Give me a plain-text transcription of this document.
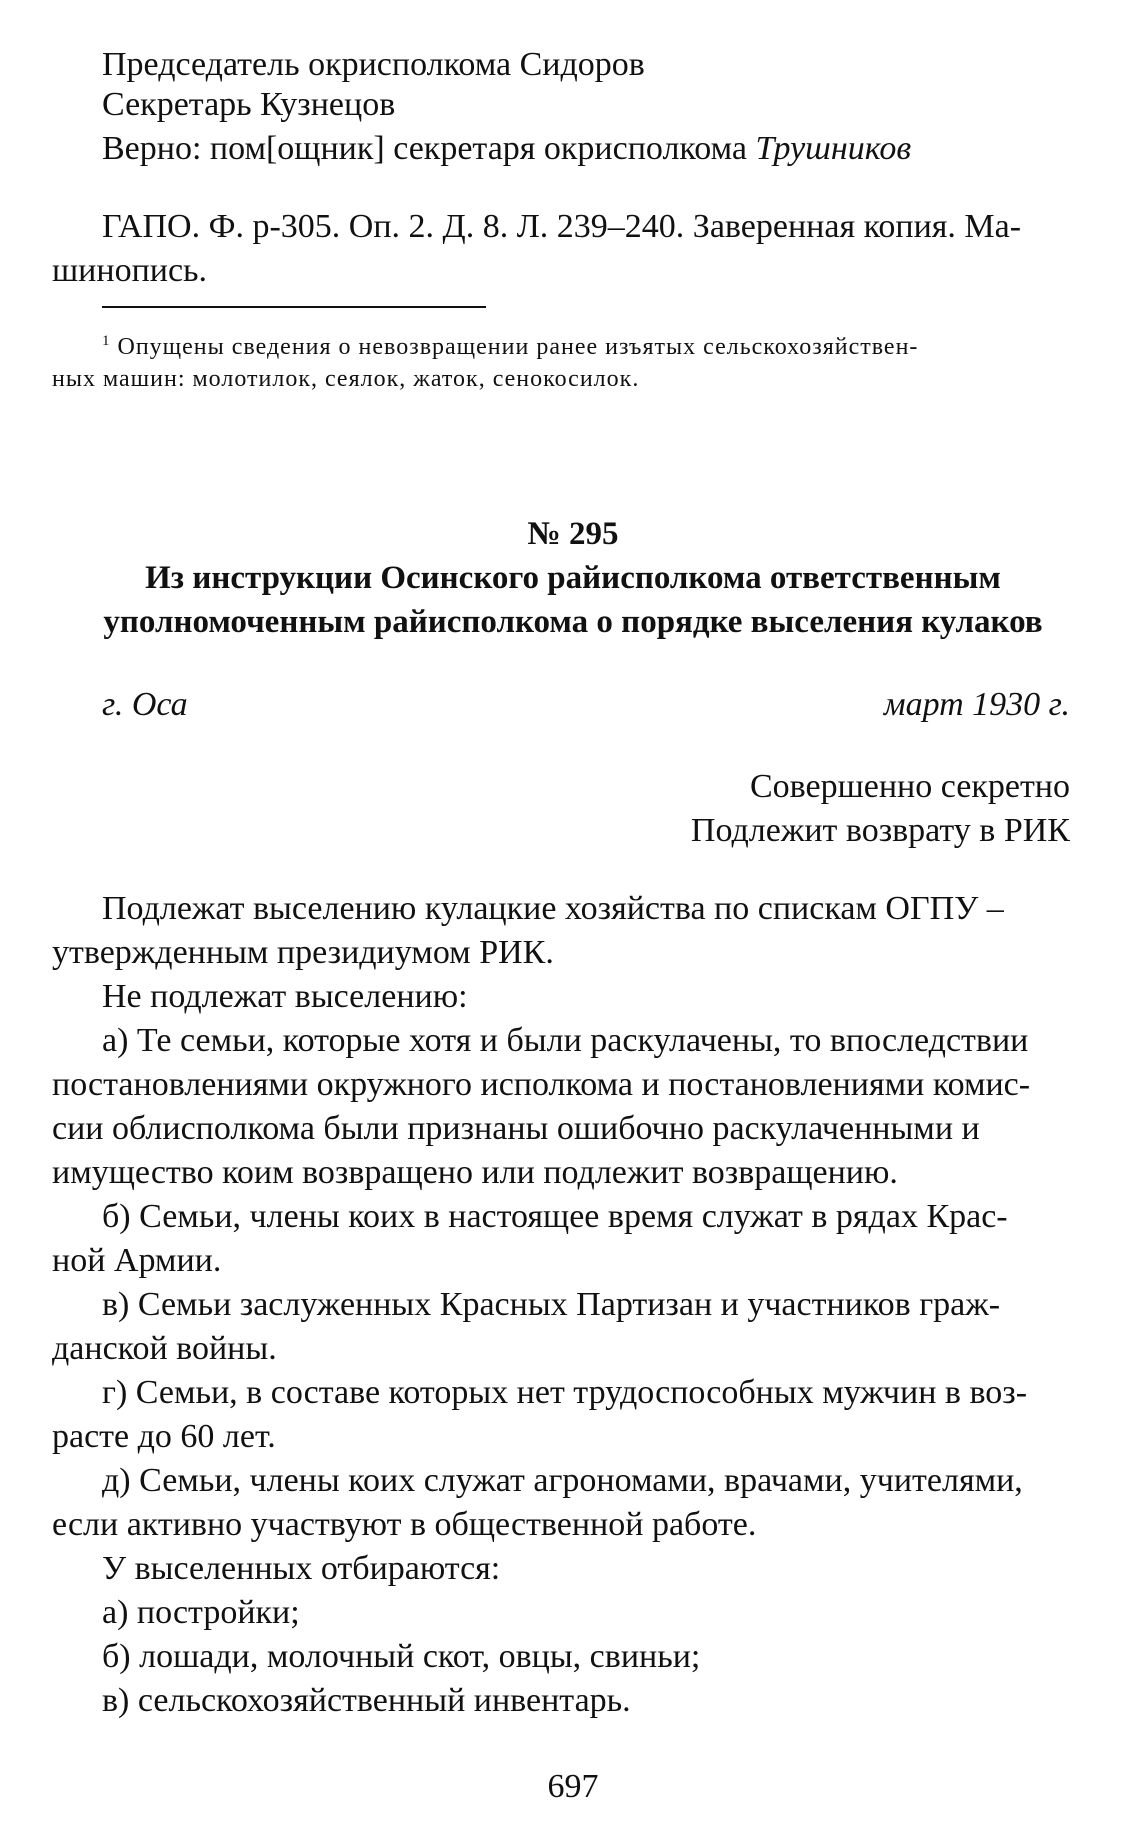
Председатель окрисполкома Сидоров
Секретарь Кузнецов
Верно: пом[ощник] секретаря окрисполкома Трушников
ГАПО. Ф. р-305. Оп. 2. Д. 8. Л. 239–240. Заверенная копия. Ма-
шинопись.
$^1$ Опущены сведения о невозвращении ранее изъятых сельскохозяйствен-
ных машин: молотилок, сеялок, жаток, сенокосилок.
№ 295
Из инструкции Осинского райисполкома ответственным
уполномоченным райисполкома о порядке выселения кулаков
г. Оса	март 1930 г.
Совершенно секретно
Подлежит возврату в РИК
Подлежат выселению кулацкие хозяйства по спискам ОГПУ –
утвержденным президиумом РИК.
Не подлежат выселению:
а) Те семьи, которые хотя и были раскулачены, то впоследствии
постановлениями окружного исполкома и постановлениями комис-
сии облисполкома были признаны ошибочно раскулаченными и
имущество коим возвращено или подлежит возвращению.
б) Семьи, члены коих в настоящее время служат в рядах Крас-
ной Армии.
в) Семьи заслуженных Красных Партизан и участников граж-
данской войны.
г) Семьи, в составе которых нет трудоспособных мужчин в воз-
расте до 60 лет.
д) Семьи, члены коих служат агрономами, врачами, учителями,
если активно участвуют в общественной работе.
У выселенных отбираются:
а) постройки;
б) лошади, молочный скот, овцы, свиньи;
в) сельскохозяйственный инвентарь.
697
